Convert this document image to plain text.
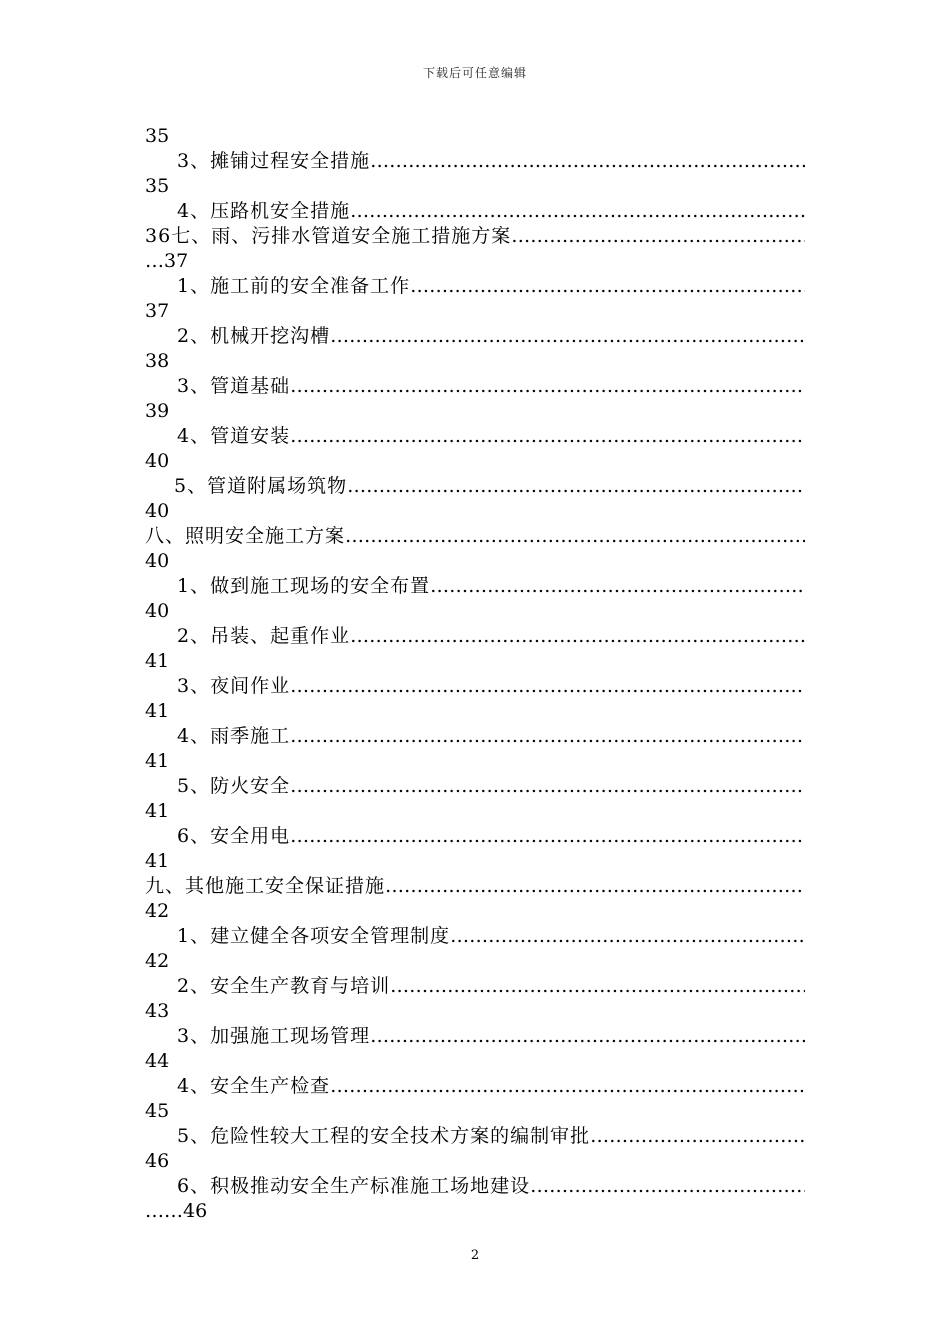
下载后可任意编辑
35
3、摊铺过程安全措施
……………………………………………………………………………………………………………………………………………
35
4、压路机安全措施
……………………………………………………………………………………………………………………………………………
36 七、雨、污排水管道安全施工措施方案
……………………………………………………………………………………………………………………………………………
…37
1、施工前的安全准备工作
……………………………………………………………………………………………………………………………………………
37
2、机械开挖沟槽
……………………………………………………………………………………………………………………………………………
38
3、管道基础
……………………………………………………………………………………………………………………………………………
39
4、管道安装
……………………………………………………………………………………………………………………………………………
40
5、管道附属场筑物
……………………………………………………………………………………………………………………………………………
40
八、照明安全施工方案
……………………………………………………………………………………………………………………………………………
40
1、做到施工现场的安全布置
……………………………………………………………………………………………………………………………………………
40
2、吊装、起重作业
……………………………………………………………………………………………………………………………………………
41
3、夜间作业
……………………………………………………………………………………………………………………………………………
41
4、雨季施工
……………………………………………………………………………………………………………………………………………
41
5、防火安全
……………………………………………………………………………………………………………………………………………
41
6、安全用电
……………………………………………………………………………………………………………………………………………
41
九、其他施工安全保证措施
……………………………………………………………………………………………………………………………………………
42
1、建立健全各项安全管理制度
……………………………………………………………………………………………………………………………………………
42
2、安全生产教育与培训
……………………………………………………………………………………………………………………………………………
43
3、加强施工现场管理
……………………………………………………………………………………………………………………………………………
44
4、安全生产检查
……………………………………………………………………………………………………………………………………………
45
5、危险性较大工程的安全技术方案的编制审批
……………………………………………………………………………………………………………………………………………
46
6、积极推动安全生产标准施工场地建设
……………………………………………………………………………………………………………………………………………
……46
2
